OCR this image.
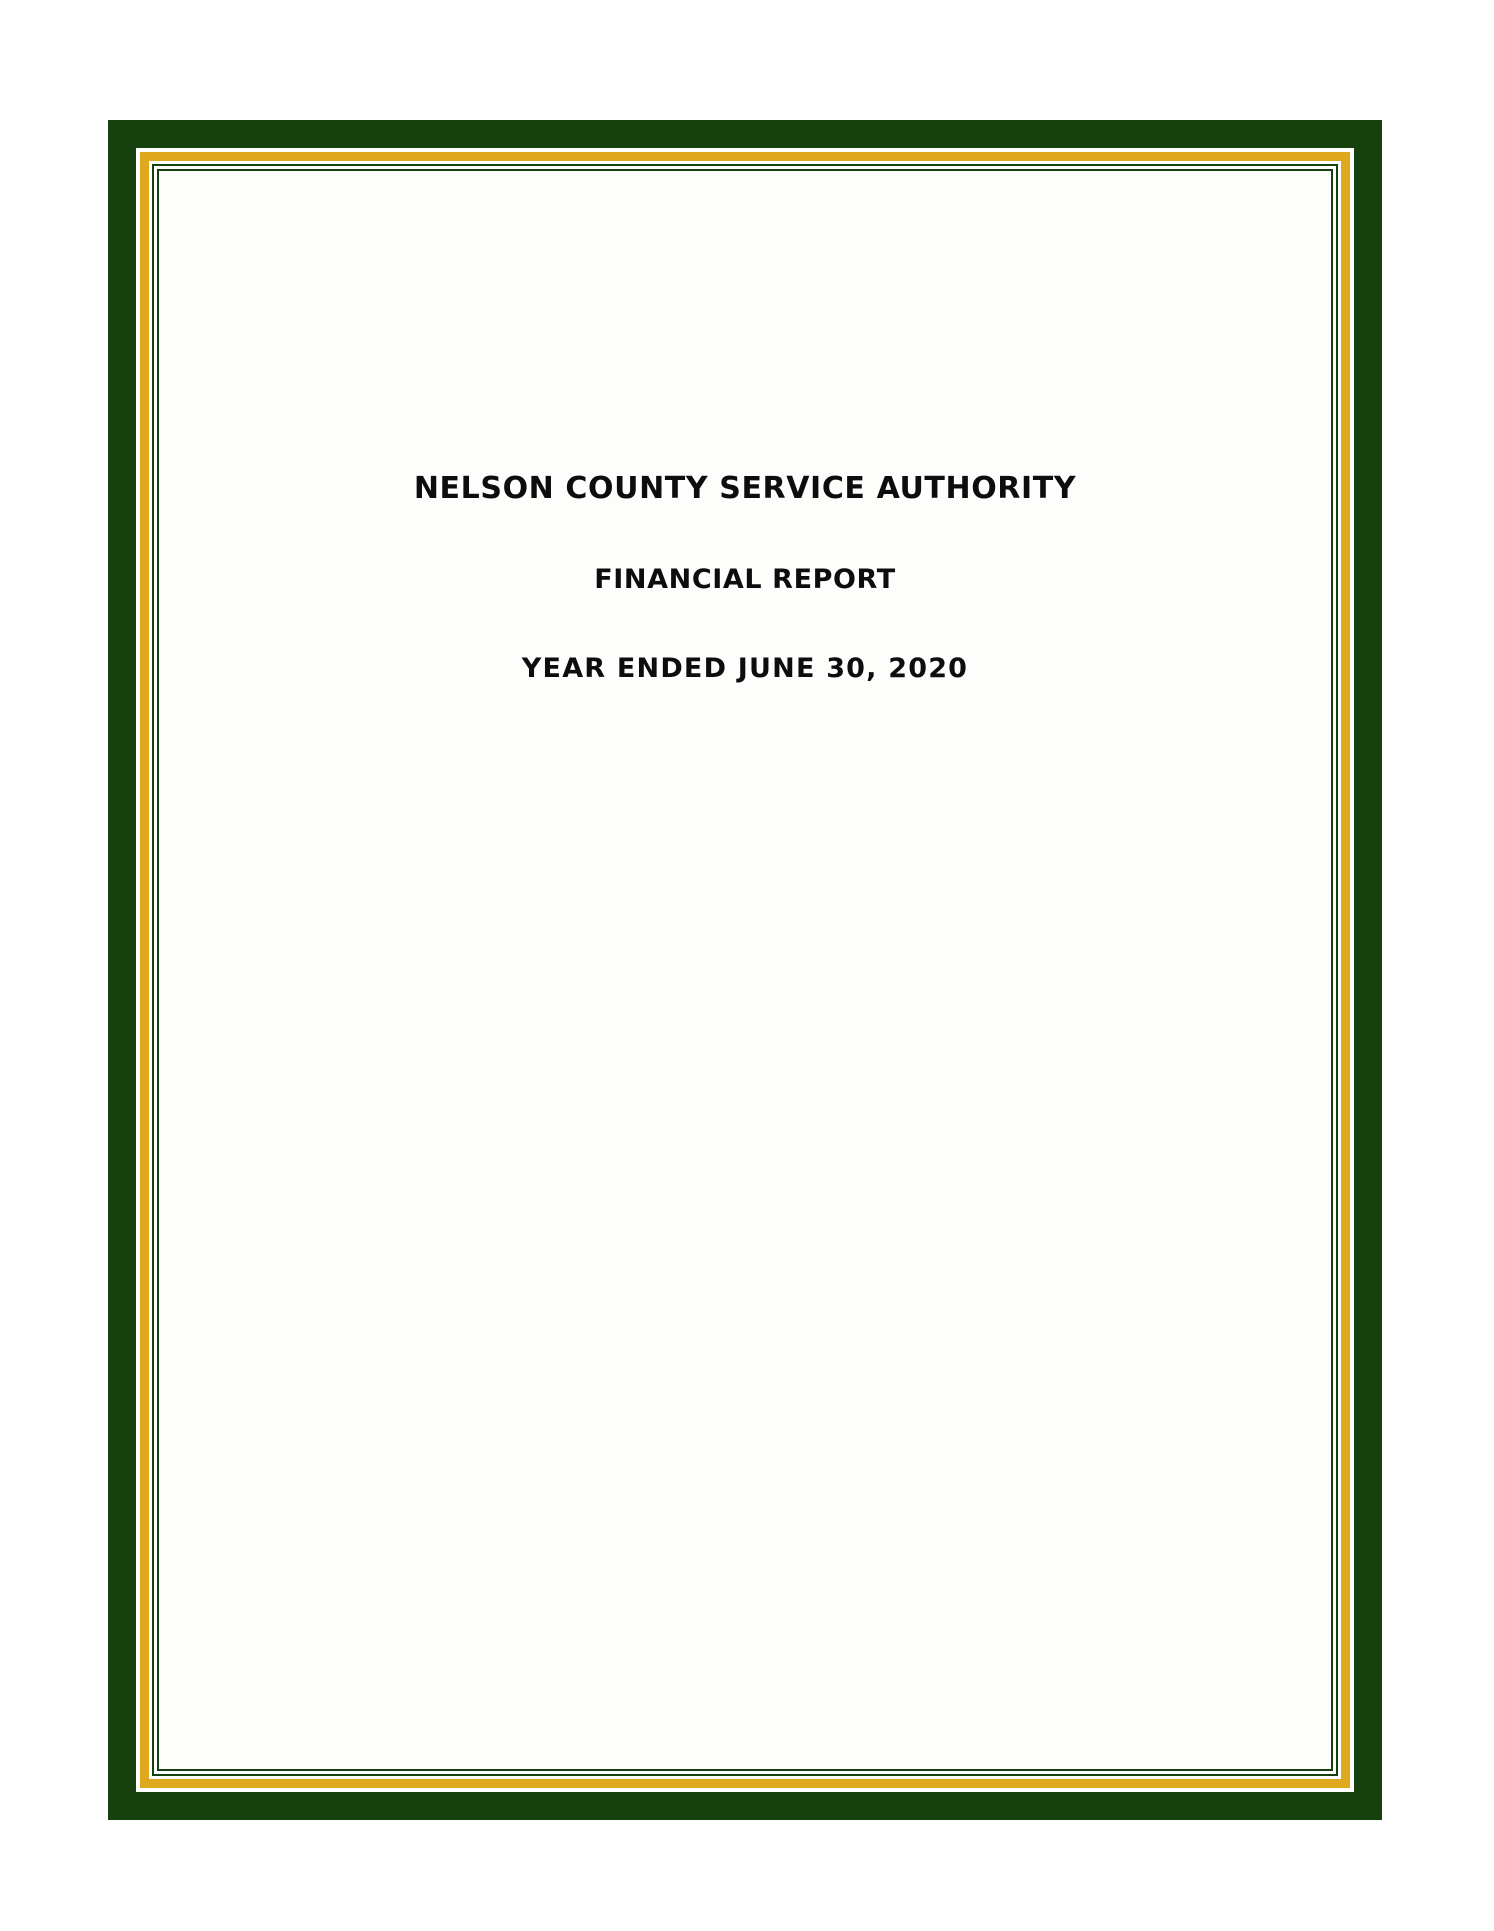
NELSON COUNTY SERVICE AUTHORITY
FINANCIAL REPORT
YEAR ENDED JUNE 30, 2020
